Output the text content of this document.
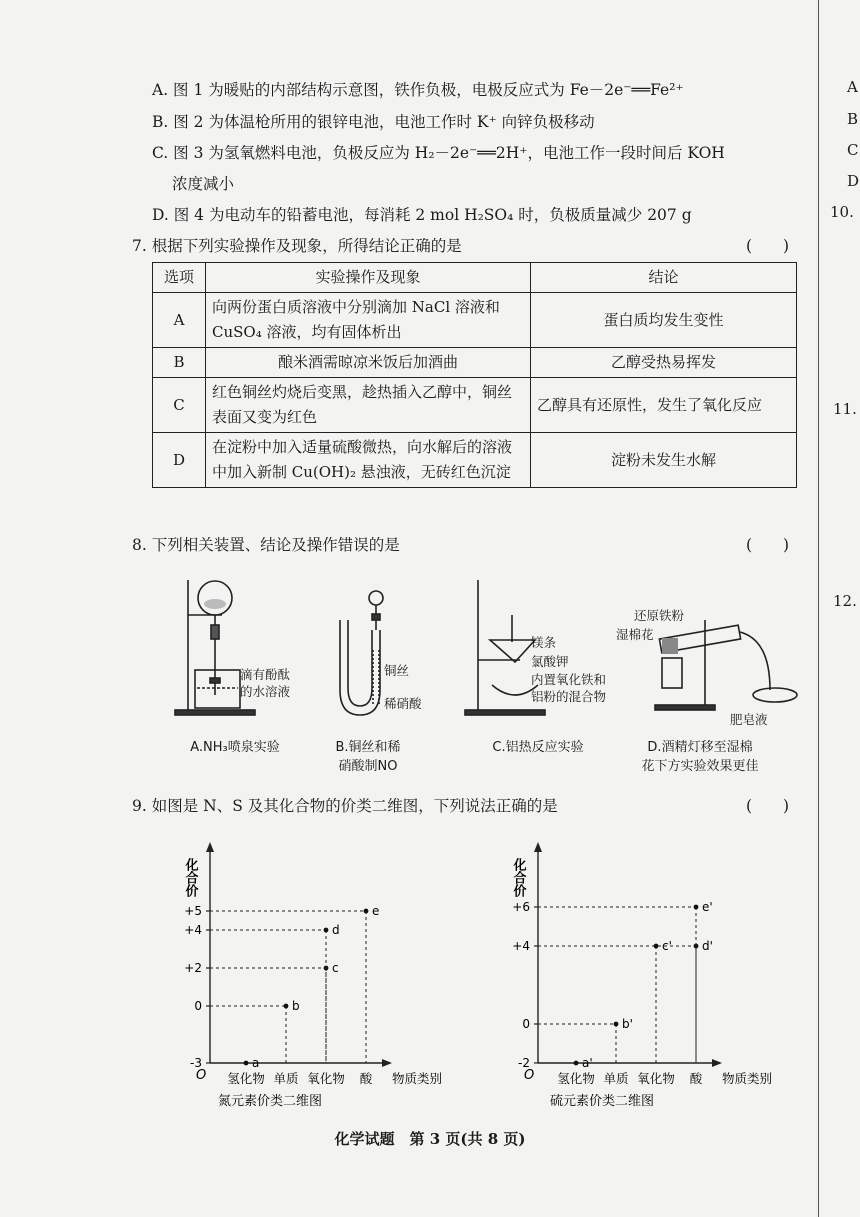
A. 图 1 为暖贴的内部结构示意图，铁作负极，电极反应式为 Fe－2e⁻══Fe²⁺
B. 图 2 为体温枪所用的银锌电池，电池工作时 K⁺ 向锌负极移动
C. 图 3 为氢氧燃料电池，负极反应为 H₂－2e⁻══2H⁺，电池工作一段时间后 KOH
浓度减小
D. 图 4 为电动车的铅蓄电池，每消耗 2 mol H₂SO₄ 时，负极质量减少 207 g
7. 根据下列实验操作及现象，所得结论正确的是	(　　)
选项	实验操作及现象	结论
A	向两份蛋白质溶液中分别滴加 NaCl 溶液和 CuSO₄ 溶液，均有固体析出	蛋白质均发生变性
B	酿米酒需晾凉米饭后加酒曲	乙醇受热易挥发
C	红色铜丝灼烧后变黑，趁热插入乙醇中，铜丝表面又变为红色	乙醇具有还原性，发生了氧化反应
D	在淀粉中加入适量硫酸微热，向水解后的溶液中加入新制 Cu(OH)₂ 悬浊液，无砖红色沉淀	淀粉未发生水解
8. 下列相关装置、结论及操作错误的是	(　　)
滴有酚酞
的水溶液
铜丝
稀硝酸
镁条
氯酸钾
内置氧化铁和
铝粉的混合物
还原铁粉
湿棉花
肥皂液
A.NH₃喷泉实验	B.铜丝和稀
硝酸制NO
C.铝热反应实验	D.酒精灯移至湿棉
花下方实验效果更佳
9. 如图是 N、S 及其化合物的价类二维图，下列说法正确的是	(　　)
化合价
O
+5
+4
+2
0
-3
氢化物 单质 氧化物 酸 物质类别
a
b
c
d
e
氮元素价类二维图
化合价
O
+6
+4
0
-2
氢化物 单质 氧化物 酸 物质类别
a'
b'
c'	d'
e'
硫元素价类二维图
A
B
C
D
10.
11.
12.
化学试题　第 3 页(共 8 页)
